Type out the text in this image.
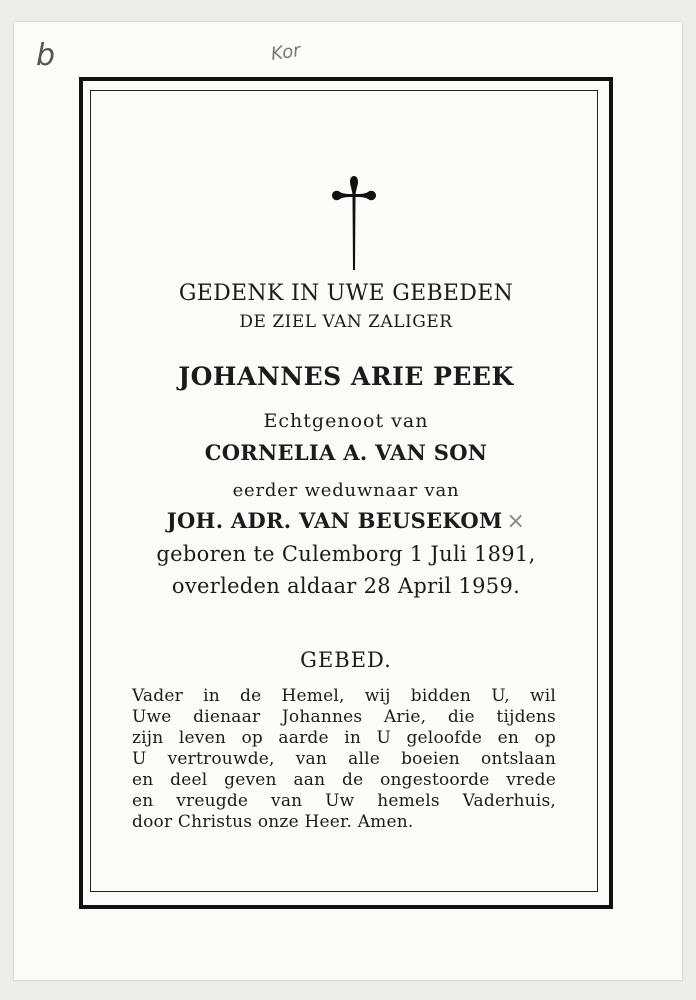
b	Kor
GEDENK IN UWE GEBEDEN
DE ZIEL VAN ZALIGER
JOHANNES ARIE PEEK
Echtgenoot van
CORNELIA A. VAN SON
eerder weduwnaar van
JOH. ADR. VAN BEUSEKOM ×
geboren te Culemborg 1 Juli 1891,
overleden aldaar 28 April 1959.
GEBED.
Vader in de Hemel, wij bidden U, wil
Uwe dienaar Johannes Arie, die tijdens
zijn leven op aarde in U geloofde en op
U vertrouwde, van alle boeien ontslaan
en deel geven aan de ongestoorde vrede
en vreugde van Uw hemels Vaderhuis,
door Christus onze Heer. Amen.
